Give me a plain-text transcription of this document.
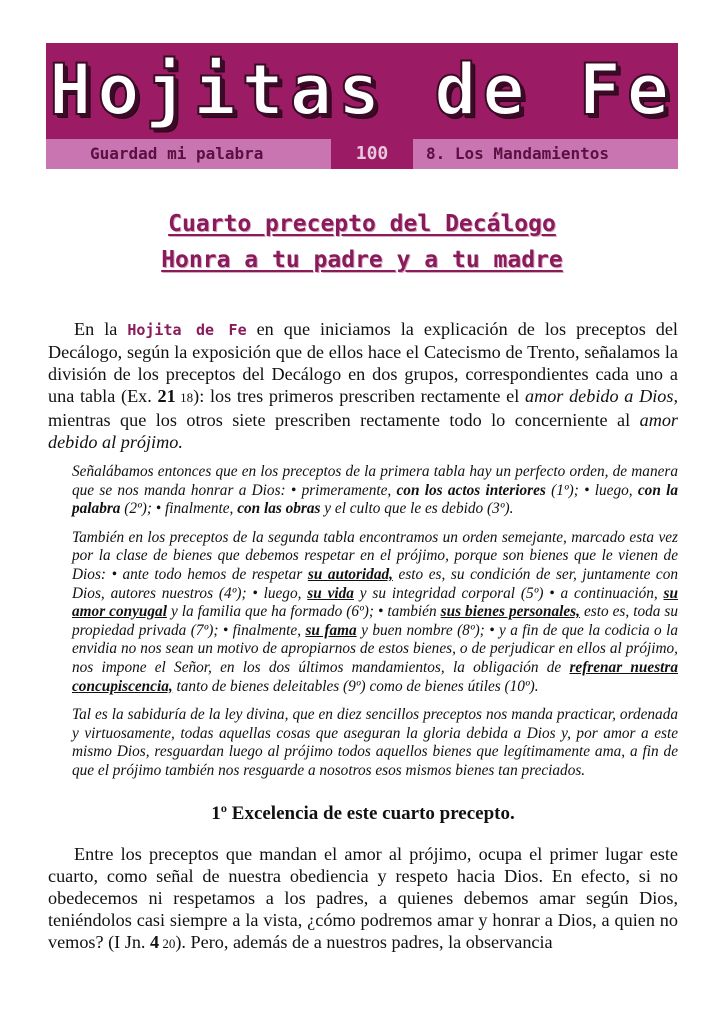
Hojitas de Fe
Guardad mi palabra	100	8. Los Mandamientos
Cuarto precepto del Decálogo
Honra a tu padre y a tu madre

En la Hojita de Fe en que iniciamos la explicación de los preceptos del Decálogo, según la exposición que de ellos hace el Catecismo de Trento, señalamos la división de los preceptos del Decálogo en dos grupos, correspondientes cada uno a una tabla (Ex. 21 18): los tres primeros prescriben rectamente el amor debido a Dios, mientras que los otros siete prescriben rectamente todo lo concerniente al amor debido al prójimo.

Señalábamos entonces que en los preceptos de la primera tabla hay un perfecto orden, de manera que se nos manda honrar a Dios: • primeramente, con los actos interiores (1º); • luego, con la palabra (2º); • finalmente, con las obras y el culto que le es debido (3º).

También en los preceptos de la segunda tabla encontramos un orden semejante, marcado esta vez por la clase de bienes que debemos respetar en el prójimo, porque son bienes que le vienen de Dios: • ante todo hemos de respetar su autoridad, esto es, su condición de ser, juntamente con Dios, autores nuestros (4º); • luego, su vida y su integridad corporal (5º) • a continuación, su amor conyugal y la familia que ha formado (6º); • también sus bienes personales, esto es, toda su propiedad privada (7º); • finalmente, su fama y buen nombre (8º); • y a fin de que la codicia o la envidia no nos sean un motivo de apropiarnos de estos bienes, o de perjudicar en ellos al prójimo, nos impone el Señor, en los dos últimos mandamientos, la obligación de refrenar nuestra concupiscencia, tanto de bienes deleitables (9º) como de bienes útiles (10º).

Tal es la sabiduría de la ley divina, que en diez sencillos preceptos nos manda practicar, ordenada y virtuosamente, todas aquellas cosas que aseguran la gloria debida a Dios y, por amor a este mismo Dios, resguardan luego al prójimo todos aquellos bienes que legítimamente ama, a fin de que el prójimo también nos resguarde a nosotros esos mismos bienes tan preciados.

1º Excelencia de este cuarto precepto.

Entre los preceptos que mandan el amor al prójimo, ocupa el primer lugar este cuarto, como señal de nuestra obediencia y respeto hacia Dios. En efecto, si no obedecemos ni respetamos a los padres, a quienes debemos amar según Dios, teniéndolos casi siempre a la vista, ¿cómo podremos amar y honrar a Dios, a quien no vemos? (I Jn. 4 20). Pero, además de a nuestros padres, la observancia
